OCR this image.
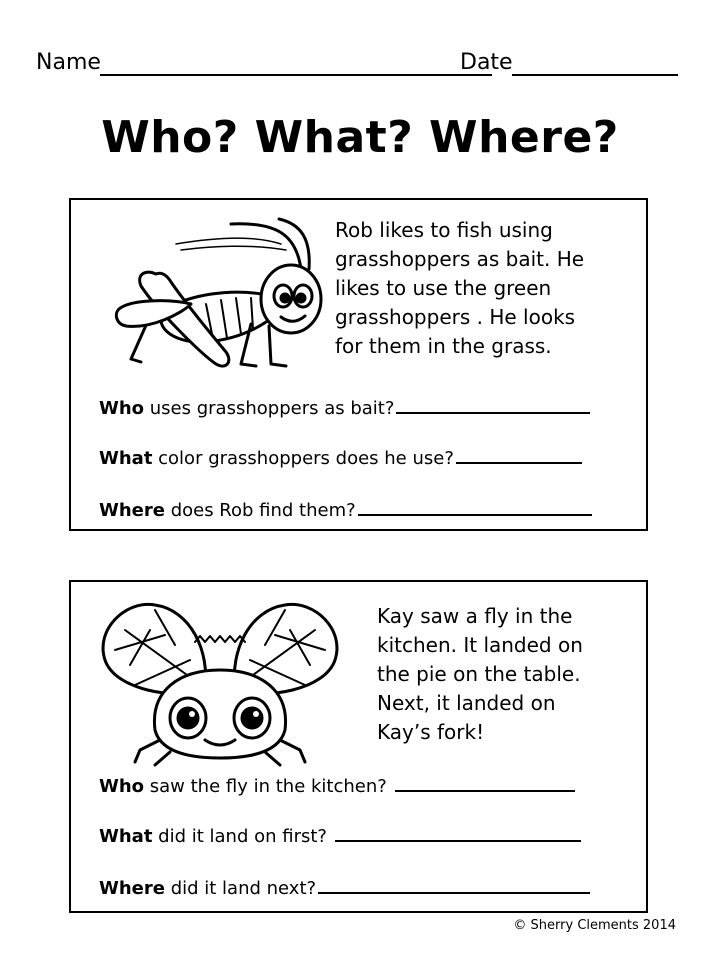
Name	Date
Who? What? Where?
Rob likes to fish using
grasshoppers as bait. He
likes to use the green
grasshoppers . He looks
for them in the grass.
Who uses grasshoppers as bait?
What color grasshoppers does he use?
Where does Rob find them?
Kay saw a fly in the
kitchen. It landed on
the pie on the table.
Next, it landed on
Kay’s fork!
Who saw the fly in the kitchen?
What did it land on first?
Where did it land next?
© Sherry Clements 2014
